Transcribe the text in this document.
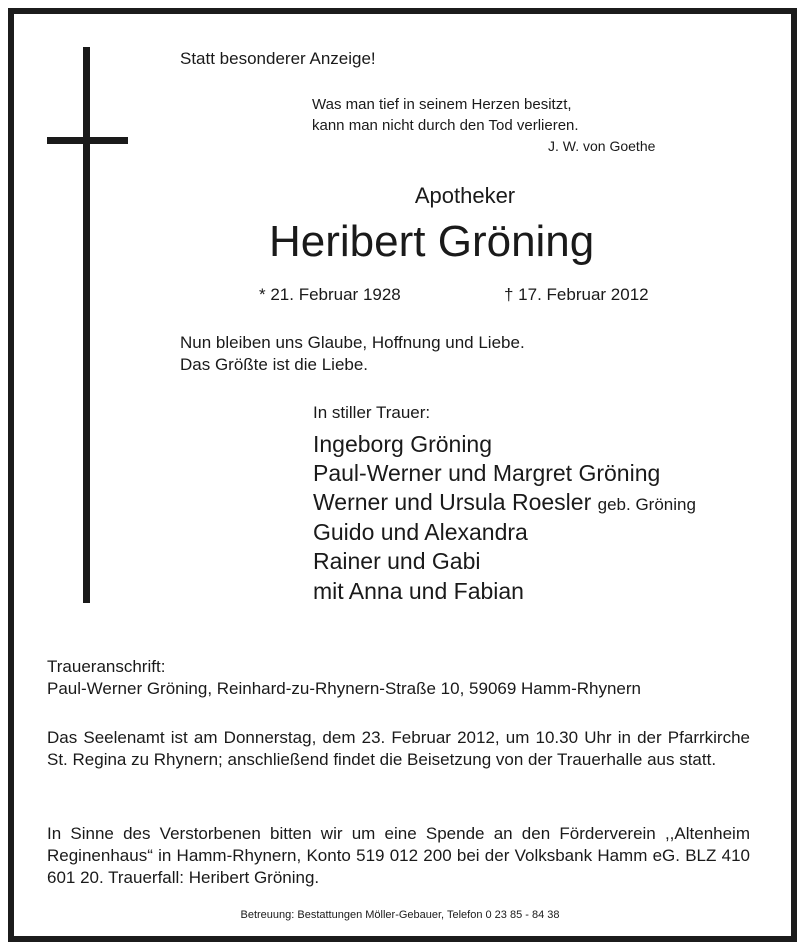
Statt besonderer Anzeige!
Was man tief in seinem Herzen besitzt,
kann man nicht durch den Tod verlieren.
J. W. von Goethe
Apotheker
Heribert Gröning
* 21. Februar 1928	† 17. Februar 2012
Nun bleiben uns Glaube, Hoffnung und Liebe.
Das Größte ist die Liebe.
In stiller Trauer:
Ingeborg Gröning
Paul-Werner und Margret Gröning
Werner und Ursula Roesler geb. Gröning
Guido und Alexandra
Rainer und Gabi
mit Anna und Fabian
Traueranschrift:
Paul-Werner Gröning, Reinhard-zu-Rhynern-Straße 10, 59069 Hamm-Rhynern
Das Seelenamt ist am Donnerstag, dem 23. Februar 2012, um 10.30 Uhr in der Pfarrkirche St. Regina zu Rhynern; anschließend findet die Beisetzung von der Trauerhalle aus statt.
In Sinne des Verstorbenen bitten wir um eine Spende an den Förderverein ,,Altenheim Reginenhaus“ in Hamm-Rhynern, Konto 519 012 200 bei der Volksbank Hamm eG. BLZ 410 601 20. Trauerfall: Heribert Gröning.
Betreuung: Bestattungen Möller-Gebauer, Telefon 0 23 85 - 84 38
